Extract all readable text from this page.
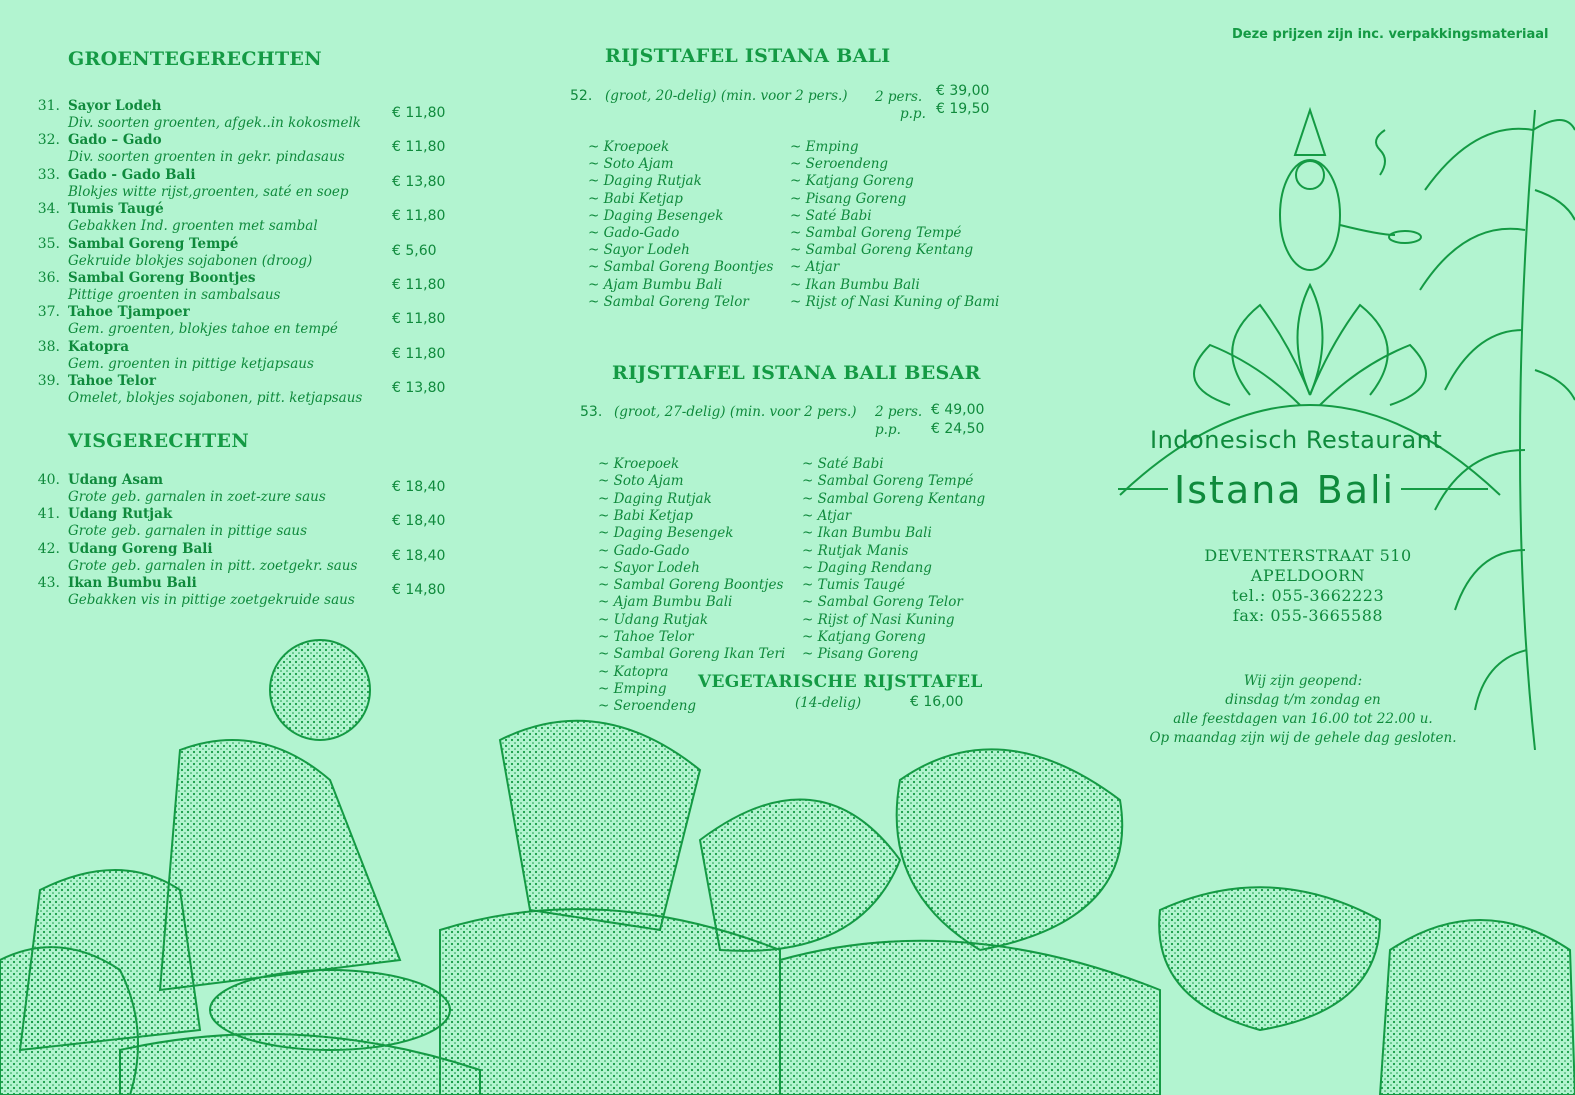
Deze prijzen zijn inc. verpakkingsmateriaal
GROENTEGERECHTEN
31. Sayor Lodeh
Div. soorten groenten, afgek..in kokosmelk
€ 11,80
32. Gado – Gado
Div. soorten groenten in gekr. pindasaus
€ 11,80
33. Gado - Gado Bali
Blokjes witte rijst,groenten, saté en soep
€ 13,80
34. Tumis Taugé
Gebakken Ind. groenten met sambal
€ 11,80
35. Sambal Goreng Tempé
Gekruide blokjes sojabonen (droog)
€ 5,60
36. Sambal Goreng Boontjes
Pittige groenten in sambalsaus
€ 11,80
37. Tahoe Tjampoer
Gem. groenten, blokjes tahoe en tempé
€ 11,80
38. Katopra
Gem. groenten in pittige ketjapsaus
€ 11,80
39. Tahoe Telor
Omelet, blokjes sojabonen, pitt. ketjapsaus
€ 13,80
VISGERECHTEN
40. Udang Asam
Grote geb. garnalen in zoet-zure saus
€ 18,40
41. Udang Rutjak
Grote geb. garnalen in pittige saus
€ 18,40
42. Udang Goreng Bali
Grote geb. garnalen in pitt. zoetgekr. saus
€ 18,40
43. Ikan Bumbu Bali
Gebakken vis in pittige zoetgekruide saus
€ 14,80
RIJSTTAFEL ISTANA BALI
52. (groot, 20-delig) (min. voor 2 pers.) 2 pers. € 39,00
p.p. € 19,50
~ Kroepoek
~ Soto Ajam
~ Daging Rutjak
~ Babi Ketjap
~ Daging Besengek
~ Gado-Gado
~ Sayor Lodeh
~ Sambal Goreng Boontjes
~ Ajam Bumbu Bali
~ Sambal Goreng Telor
~ Emping
~ Seroendeng
~ Katjang Goreng
~ Pisang Goreng
~ Saté Babi
~ Sambal Goreng Tempé
~ Sambal Goreng Kentang
~ Atjar
~ Ikan Bumbu Bali
~ Rijst of Nasi Kuning of Bami
RIJSTTAFEL ISTANA BALI BESAR
53. (groot, 27-delig) (min. voor 2 pers.) 2 pers. € 49,00
p.p. € 24,50
~ Kroepoek
~ Soto Ajam
~ Daging Rutjak
~ Babi Ketjap
~ Daging Besengek
~ Gado-Gado
~ Sayor Lodeh
~ Sambal Goreng Boontjes
~ Ajam Bumbu Bali
~ Udang Rutjak
~ Tahoe Telor
~ Sambal Goreng Ikan Teri
~ Katopra
~ Emping
~ Seroendeng
~ Saté Babi
~ Sambal Goreng Tempé
~ Sambal Goreng Kentang
~ Atjar
~ Ikan Bumbu Bali
~ Rutjak Manis
~ Daging Rendang
~ Tumis Taugé
~ Sambal Goreng Telor
~ Rijst of Nasi Kuning
~ Katjang Goreng
~ Pisang Goreng
VEGETARISCHE RIJSTTAFEL
(14-delig)	€ 16,00
Indonesisch Restaurant
Istana Bali
DEVENTERSTRAAT 510
APELDOORN
tel.: 055-3662223
fax: 055-3665588
Wij zijn geopend:
dinsdag t/m zondag en
alle feestdagen van 16.00 tot 22.00 u.
Op maandag zijn wij de gehele dag gesloten.
